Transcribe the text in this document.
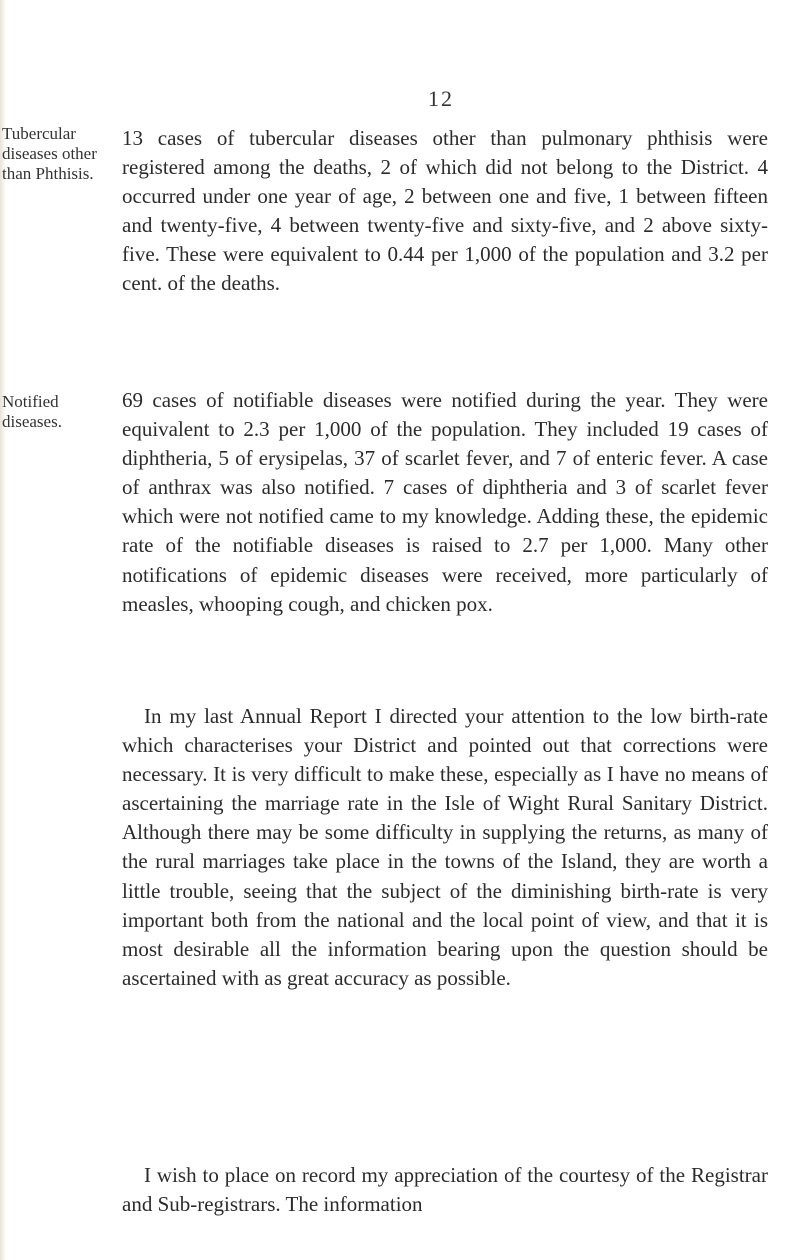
12
Tubercular diseases other than Phthisis.

13 cases of tubercular diseases other than pulmonary phthisis were registered among the deaths, 2 of which did not belong to the District. 4 occurred under one year of age, 2 between one and five, 1 between fifteen and twenty-five, 4 between twenty-five and sixty-five, and 2 above sixty-five. These were equivalent to 0.44 per 1,000 of the population and 3.2 per cent. of the deaths.

Notified diseases.

69 cases of notifiable diseases were notified during the year. They were equivalent to 2.3 per 1,000 of the population. They included 19 cases of diphtheria, 5 of erysipelas, 37 of scarlet fever, and 7 of enteric fever. A case of anthrax was also notified. 7 cases of diphtheria and 3 of scarlet fever which were not notified came to my knowledge. Adding these, the epidemic rate of the notifiable diseases is raised to 2.7 per 1,000. Many other notifications of epidemic diseases were received, more particularly of measles, whooping cough, and chicken pox.

In my last Annual Report I directed your attention to the low birth-rate which characterises your District and pointed out that corrections were necessary. It is very difficult to make these, especially as I have no means of ascertaining the marriage rate in the Isle of Wight Rural Sanitary District. Although there may be some difficulty in supplying the returns, as many of the rural marriages take place in the towns of the Island, they are worth a little trouble, seeing that the subject of the diminishing birth-rate is very important both from the national and the local point of view, and that it is most desirable all the information bearing upon the question should be ascertained with as great accuracy as possible.

I wish to place on record my appreciation of the courtesy of the Registrar and Sub-registrars. The information
